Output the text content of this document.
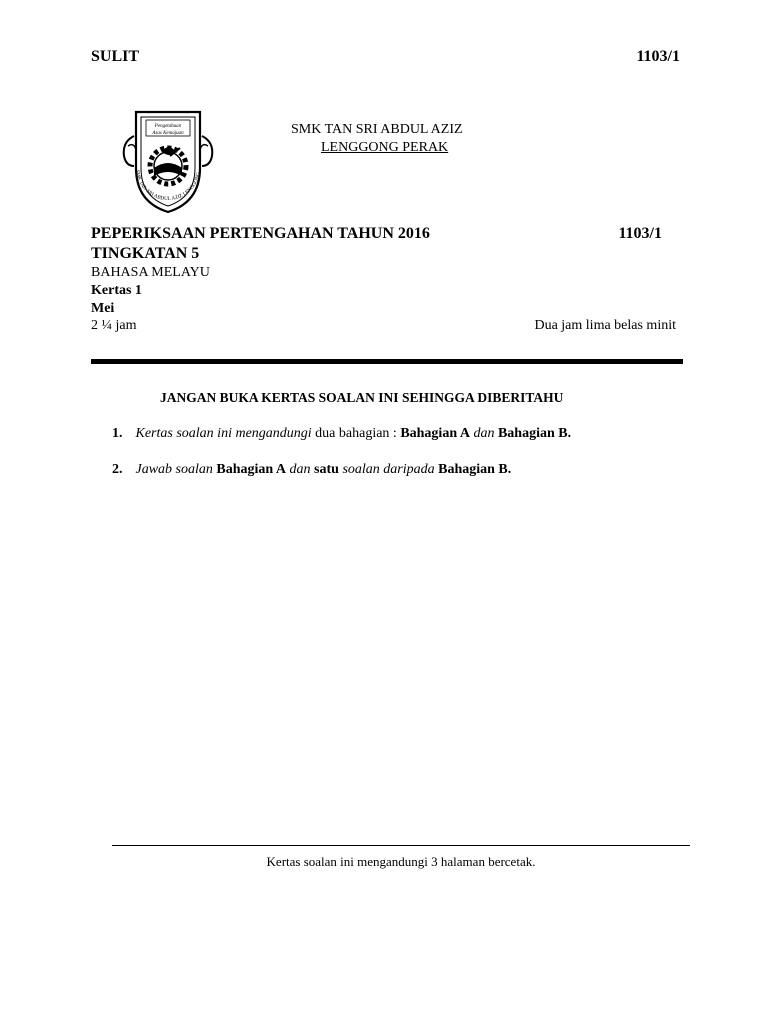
SULIT	1103/1
Pengetahuan
Asas Kemajuan
SMK TAN SRI ABDUL AZIZ LENGGONG
SMK TAN SRI ABDUL AZIZ
LENGGONG PERAK
PEPERIKSAAN PERTENGAHAN TAHUN 2016	1103/1
TINGKATAN 5
BAHASA MELAYU
Kertas 1
Mei
2 ¼ jam	Dua jam lima belas minit
JANGAN BUKA KERTAS SOALAN INI SEHINGGA DIBERITAHU
1. Kertas soalan ini mengandungi dua bahagian : Bahagian A dan Bahagian B.
2. Jawab soalan Bahagian A dan satu soalan daripada Bahagian B.
Kertas soalan ini mengandungi 3 halaman bercetak.
